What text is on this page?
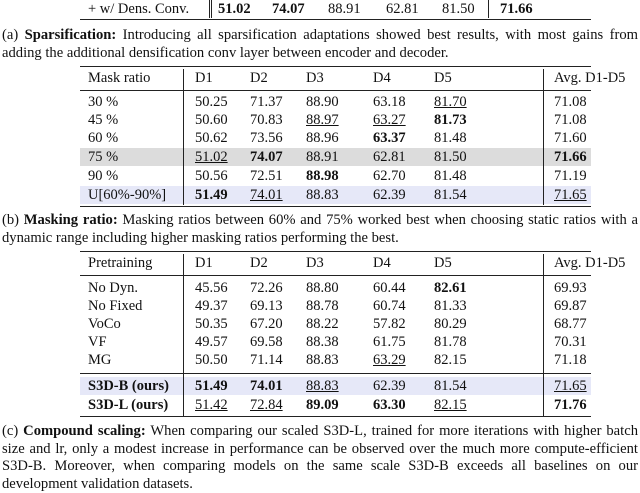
+ w/ Dens. Conv. 51.02 74.07 88.91 62.81 81.50 71.66
(a) Sparsification: Introducing all sparsification adaptations showed best results, with most gains from adding the additional densification conv layer between encoder and decoder.
Mask ratio	D1	D2	D3	D4	D5	Avg. D1-D5
30 %	50.25 71.37 88.90 63.18 81.70	71.08
45 %	50.60 70.83 88.97 63.27 81.73	71.08
60 %	50.62 73.56 88.96 63.37 81.48	71.60
75 %	51.02 74.07 88.91 62.81 81.50	71.66
90 %	50.56 72.51 88.98 62.70 81.48	71.19
U[60%-90%] 51.49 74.01 88.83 62.39 81.54	71.65
(b) Masking ratio: Masking ratios between 60% and 75% worked best when choosing static ratios with a dynamic range including higher masking ratios performing the best.
Pretraining	D1	D2	D3	D4	D5	Avg. D1-D5
No Dyn.	45.56 72.26 88.80 60.44 82.61	69.93
No Fixed	49.37 69.13 88.78 60.74 81.33	69.87
VoCo	50.35 67.20 88.22 57.82 80.29	68.77
VF	49.57 69.58 88.38 61.75 81.78	70.31
MG	50.50 71.14 88.83 63.29 82.15	71.18
S3D-B (ours) 51.49 74.01 88.83 62.39 81.54	71.65
S3D-L (ours) 51.42 72.84 89.09 63.30 82.15	71.76
(c) Compound scaling: When comparing our scaled S3D-L, trained for more iterations with higher batch size and lr, only a modest increase in performance can be observed over the much more compute-efficient S3D-B. Moreover, when comparing models on the same scale S3D-B exceeds all baselines on our development validation datasets.
